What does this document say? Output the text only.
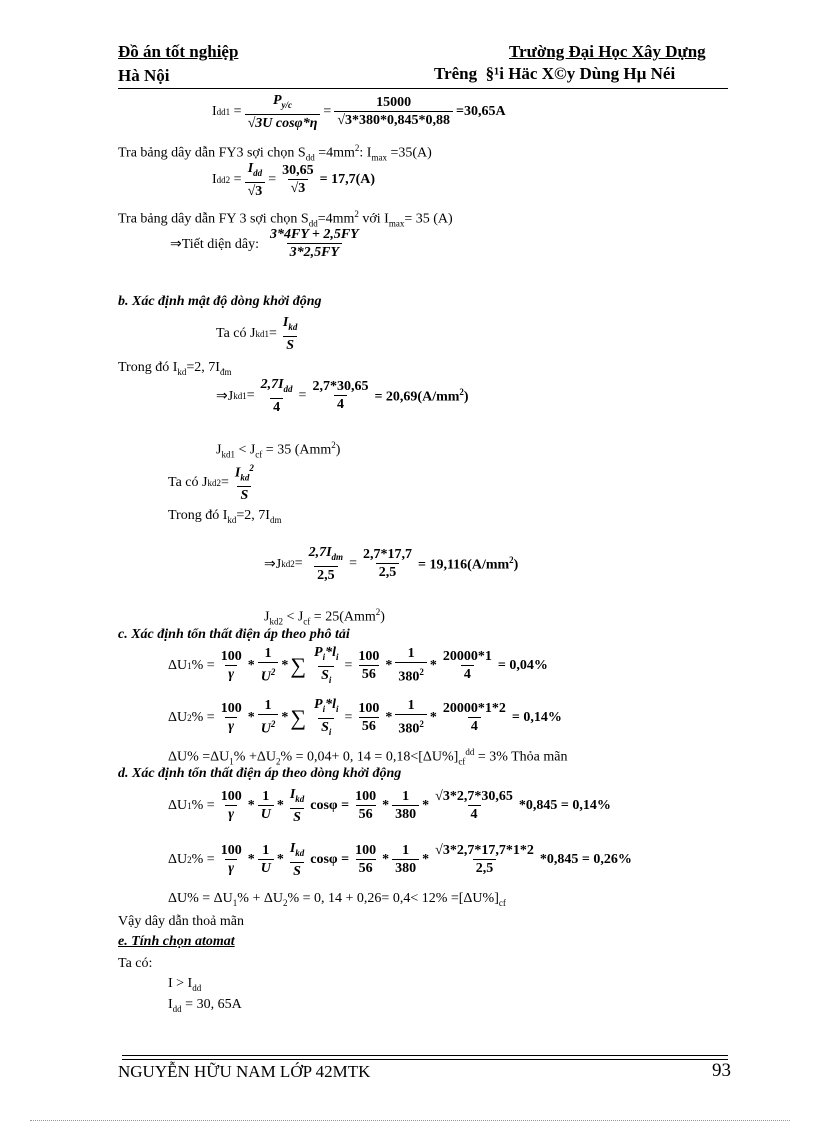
Đồ án tốt nghiệp	Trường Đại Học Xây Dựng
Hà Nội	Trêng §¹i Häc X©y Dùng Hµ Néi
I $dd1 = \frac{P_{y/c}}{\text{√3U cosφ*η}} = \frac{15000}{√3*380*0,845*0,88} =30,65A$
Tra bảng dây dẫn FY3 sợi chọn $S_{dd} =4mm^2$: $I_{max} =35(A)$
I $dd2 = \frac{I_{dd}}{√3} = \frac{30,65}{√3} = 17,7(A)$
Tra bảng dây dẫn FY 3 sợi chọn $S_{dd}=4mm^2$ với $I_{max}= 35$ (A)
⇒Tiết diện dây: $\frac{3*4FY + 2,5FY}{3*2,5FY}$
b. Xác định mật độ dòng khởi động
Ta có J kd $1 = \frac{I_{kd}}{S}$
Trong đó $I_{kd}=2$, $7I_{đm}$
⇒J $kd1 = \frac{2,7I_{dd}}{4} = \frac{2,7*30,65}{4} = 20,69(A/mm^2)$
$J_{kd1} < J_{cf} = 35$ (Amm$^2$)
Ta có J kd $2 = \frac{I_{kd}^2}{S}$
Trong đó $I_{kd}=2$, $7I_{dm}$
⇒J $kd2 = \frac{2,7I_{dm}}{2,5} = \frac{2,7*17,7}{2,5} = 19,116(A/mm^2)$
$J_{kd2} < J_{cf} = 25(Amm^2)$
c. Xác định tổn thất điện áp theo phô tải
ΔU 1 % = $\frac{100}{\gamma} * \frac{1}{U^2}$ * ∑ $\frac{P_i*l_i}{S_i} = \frac{100}{56} * \frac{1}{380^2} * \frac{20000*1}{4} = 0,04\%$
ΔU 2 % = $\frac{100}{\gamma} * \frac{1}{U^2}$ * ∑ $\frac{P_i*l_i}{S_i} = \frac{100}{56} * \frac{1}{380^2} * \frac{20000*1*2}{4} = 0,14\%$
$\Delta U\% =\Delta U_1\% +\Delta U_2\% = 0,04+ 0$, $14 = 0,18<[\Delta U\%]_{cf}^{dd} = 3\%$ Thỏa mãn
d. Xác định tổn thất điện áp theo dòng khởi động
ΔU 1 % = $\frac{100}{\gamma} * \frac{1}{U} * \frac{I_{kd}}{S}$ $\cos\varphi = \frac{100}{56} * \frac{1}{380} * \frac{√3*2,7*30,65}{4} *0,845 = 0,14\%$
ΔU 2 % = $\frac{100}{\gamma} * \frac{1}{U} * \frac{I_{kd}}{S}$ $\cos\varphi = \frac{100}{56} * \frac{1}{380} * \frac{√3*2,7*17,7*1*2}{2,5} *0,845 = 0,26\%$
$\Delta U\% = \Delta U_1\% + \Delta U_2\% = 0$, $14 + 0,26= 0,4< 12\% =[\Delta U\%]_{cf}$
Vậy dây dẫn thoả mãn
e. Tính chọn atomat
Ta có:
$I > I_{dd}$
$I_{dd} = 30$, 65A
NGUYỄN HỮU NAM LỚP 42MTK	93
